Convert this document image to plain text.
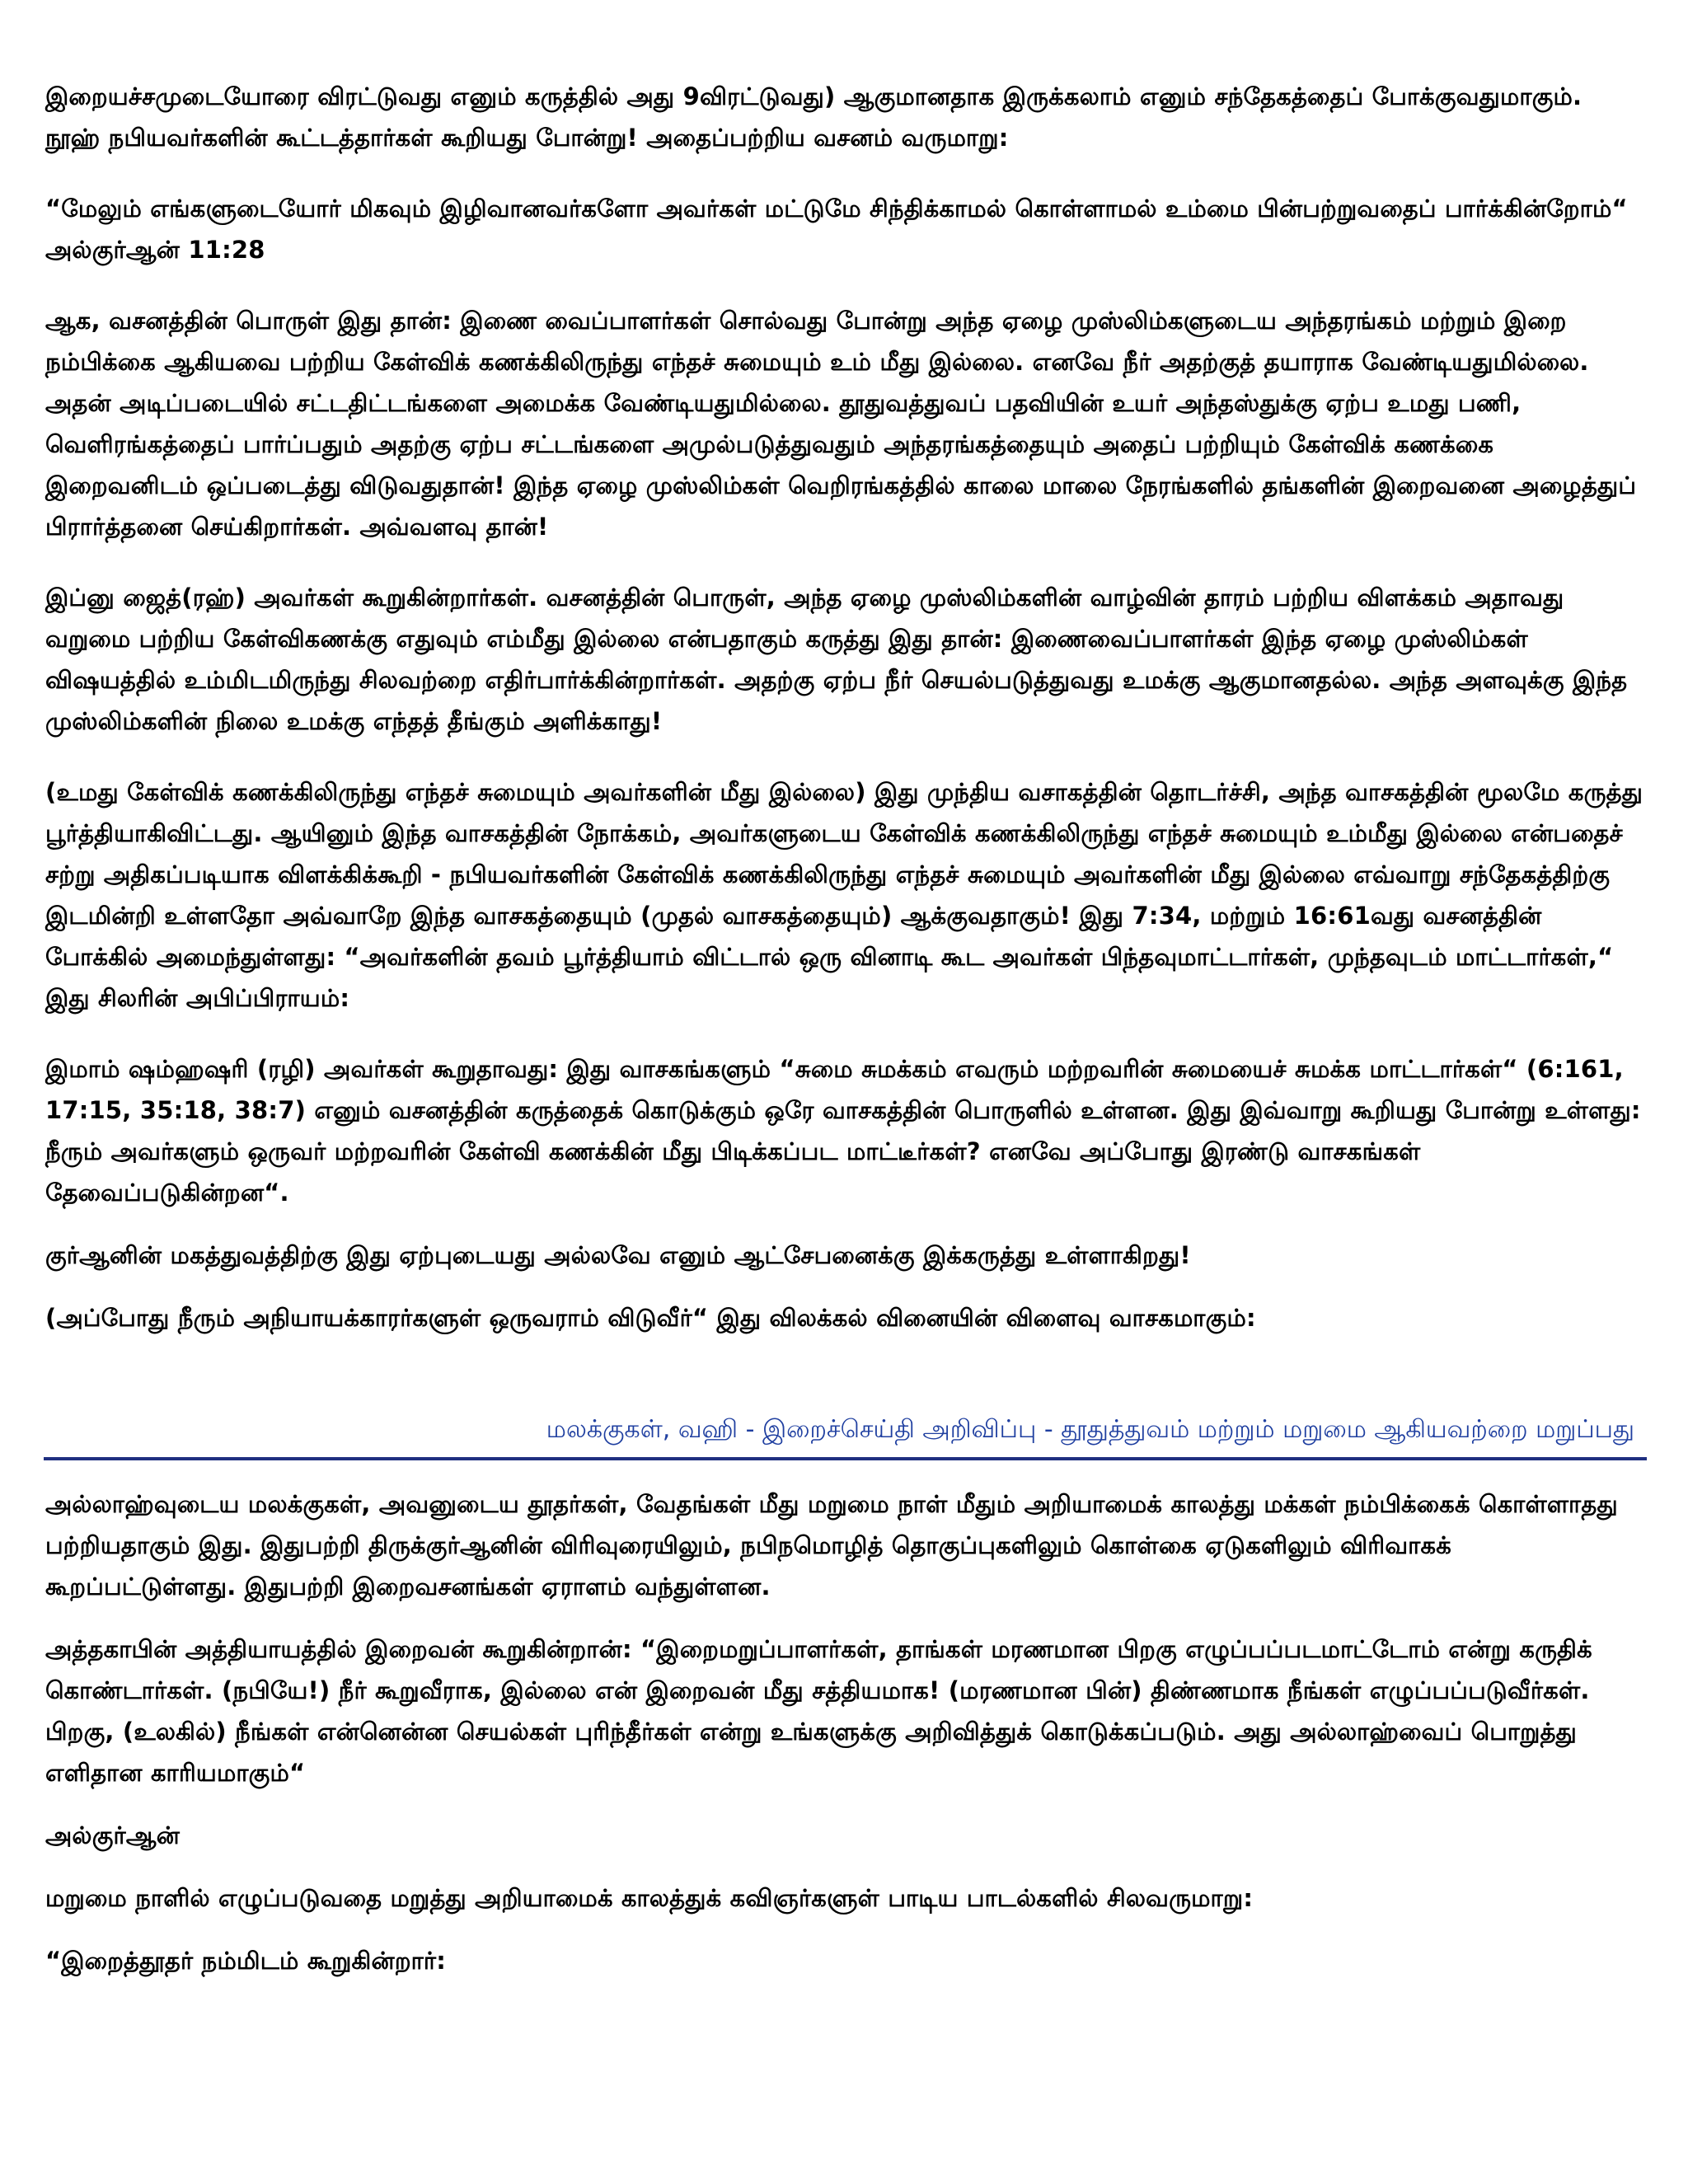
இறையச்சமுடையோரை விரட்டுவது எனும் கருத்தில் அது 9விரட்டுவது) ஆகுமானதாக இருக்கலாம் எனும் சந்தேகத்தைப் போக்குவதுமாகும். நூஹ் நபியவர்களின் கூட்டத்தார்கள் கூறியது போன்று! அதைப்பற்றிய வசனம் வருமாறு:

“மேலும் எங்களுடையோர் மிகவும் இழிவானவர்களோ அவர்கள் மட்டுமே சிந்திக்காமல் கொள்ளாமல் உம்மை பின்பற்றுவதைப் பார்க்கின்றோம்“ அல்குர்ஆன் 11:28

ஆக, வசனத்தின் பொருள் இது தான்: இணை வைப்பாளர்கள் சொல்வது போன்று அந்த ஏழை முஸ்லிம்களுடைய அந்தரங்கம் மற்றும் இறை நம்பிக்கை ஆகியவை பற்றிய கேள்விக் கணக்கிலிருந்து எந்தச் சுமையும் உம் மீது இல்லை. எனவே நீர் அதற்குத் தயாராக வேண்டியதுமில்லை. அதன் அடிப்படையில் சட்டதிட்டங்களை அமைக்க வேண்டியதுமில்லை. தூதுவத்துவப் பதவியின் உயர் அந்தஸ்துக்கு ஏற்ப உமது பணி, வெளிரங்கத்தைப் பார்ப்பதும் அதற்கு ஏற்ப சட்டங்களை அமுல்படுத்துவதும் அந்தரங்கத்தையும் அதைப் பற்றியும் கேள்விக் கணக்கை இறைவனிடம் ஒப்படைத்து விடுவதுதான்! இந்த ஏழை முஸ்லிம்கள் வெறிரங்கத்தில் காலை மாலை நேரங்களில் தங்களின் இறைவனை அழைத்துப் பிரார்த்தனை செய்கிறார்கள். அவ்வளவு தான்!

இப்னு ஜைத்(ரஹ்) அவர்கள் கூறுகின்றார்கள். வசனத்தின் பொருள், அந்த ஏழை முஸ்லிம்களின் வாழ்வின் தாரம் பற்றிய விளக்கம் அதாவது வறுமை பற்றிய கேள்விகணக்கு எதுவும் எம்மீது இல்லை என்பதாகும் கருத்து இது தான்: இணைவைப்பாளர்கள் இந்த ஏழை முஸ்லிம்கள் விஷயத்தில் உம்மிடமிருந்து சிலவற்றை எதிர்பார்க்கின்றார்கள். அதற்கு ஏற்ப நீர் செயல்படுத்துவது உமக்கு ஆகுமானதல்ல. அந்த அளவுக்கு இந்த முஸ்லிம்களின் நிலை உமக்கு எந்தத் தீங்கும் அளிக்காது!

(உமது கேள்விக் கணக்கிலிருந்து எந்தச் சுமையும் அவர்களின் மீது இல்லை) இது முந்திய வசாகத்தின் தொடர்ச்சி, அந்த வாசகத்தின் மூலமே கருத்து பூர்த்தியாகிவிட்டது. ஆயினும் இந்த வாசகத்தின் நோக்கம், அவர்களுடைய கேள்விக் கணக்கிலிருந்து எந்தச் சுமையும் உம்மீது இல்லை என்பதைச் சற்று அதிகப்படியாக விளக்கிக்கூறி - நபியவர்களின் கேள்விக் கணக்கிலிருந்து எந்தச் சுமையும் அவர்களின் மீது இல்லை எவ்வாறு சந்தேகத்திற்கு இடமின்றி உள்ளதோ அவ்வாறே இந்த வாசகத்தையும் (முதல் வாசகத்தையும்) ஆக்குவதாகும்! இது 7:34, மற்றும் 16:61வது வசனத்தின் போக்கில் அமைந்துள்ளது: “அவர்களின் தவம் பூர்த்தியாம் விட்டால் ஒரு வினாடி கூட அவர்கள் பிந்தவுமாட்டார்கள், முந்தவுடம் மாட்டார்கள்,“ இது சிலரின் அபிப்பிராயம்:

இமாம் ஷம்ஹஷரி (ரழி) அவர்கள் கூறுதாவது: இது வாசகங்களும் “சுமை சுமக்கம் எவரும் மற்றவரின் சுமையைச் சுமக்க மாட்டார்கள்“ (6:161, 17:15, 35:18, 38:7) எனும் வசனத்தின் கருத்தைக் கொடுக்கும் ஒரே வாசகத்தின் பொருளில் உள்ளன. இது இவ்வாறு கூறியது போன்று உள்ளது: நீரும் அவர்களும் ஒருவர் மற்றவரின் கேள்வி கணக்கின் மீது பிடிக்கப்பட மாட்டீர்கள்? எனவே அப்போது இரண்டு வாசகங்கள் தேவைப்படுகின்றன“.

குர்ஆனின் மகத்துவத்திற்கு இது ஏற்புடையது அல்லவே எனும் ஆட்சேபனைக்கு இக்கருத்து உள்ளாகிறது!

(அப்போது நீரும் அநியாயக்காரர்களுள் ஒருவராம் விடுவீர்“ இது விலக்கல் வினையின் விளைவு வாசகமாகும்:

மலக்குகள், வஹி - இறைச்செய்தி அறிவிப்பு - தூதுத்துவம் மற்றும் மறுமை ஆகியவற்றை மறுப்பது

அல்லாஹ்வுடைய மலக்குகள், அவனுடைய தூதர்கள், வேதங்கள் மீது மறுமை நாள் மீதும் அறியாமைக் காலத்து மக்கள் நம்பிக்கைக் கொள்ளாதது பற்றியதாகும் இது. இதுபற்றி திருக்குர்ஆனின் விரிவுரையிலும், நபிநமொழித் தொகுப்புகளிலும் கொள்கை ஏடுகளிலும் விரிவாகக் கூறப்பட்டுள்ளது. இதுபற்றி இறைவசனங்கள் ஏராளம் வந்துள்ளன.

அத்தகாபின் அத்தியாயத்தில் இறைவன் கூறுகின்றான்: “இறைமறுப்பாளர்கள், தாங்கள் மரணமான பிறகு எழுப்பப்படமாட்டோம் என்று கருதிக் கொண்டார்கள். (நபியே!) நீர் கூறுவீராக, இல்லை என் இறைவன் மீது சத்தியமாக! (மரணமான பின்) திண்ணமாக நீங்கள் எழுப்பப்படுவீர்கள். பிறகு, (உலகில்) நீங்கள் என்னென்ன செயல்கள் புரிந்தீர்கள் என்று உங்களுக்கு அறிவித்துக் கொடுக்கப்படும். அது அல்லாஹ்வைப் பொறுத்து எளிதான காரியமாகும்“

அல்குர்ஆன்

மறுமை நாளில் எழுப்படுவதை மறுத்து அறியாமைக் காலத்துக் கவிஞர்களுள் பாடிய பாடல்களில் சிலவருமாறு:

“இறைத்தூதர் நம்மிடம் கூறுகின்றார்:
